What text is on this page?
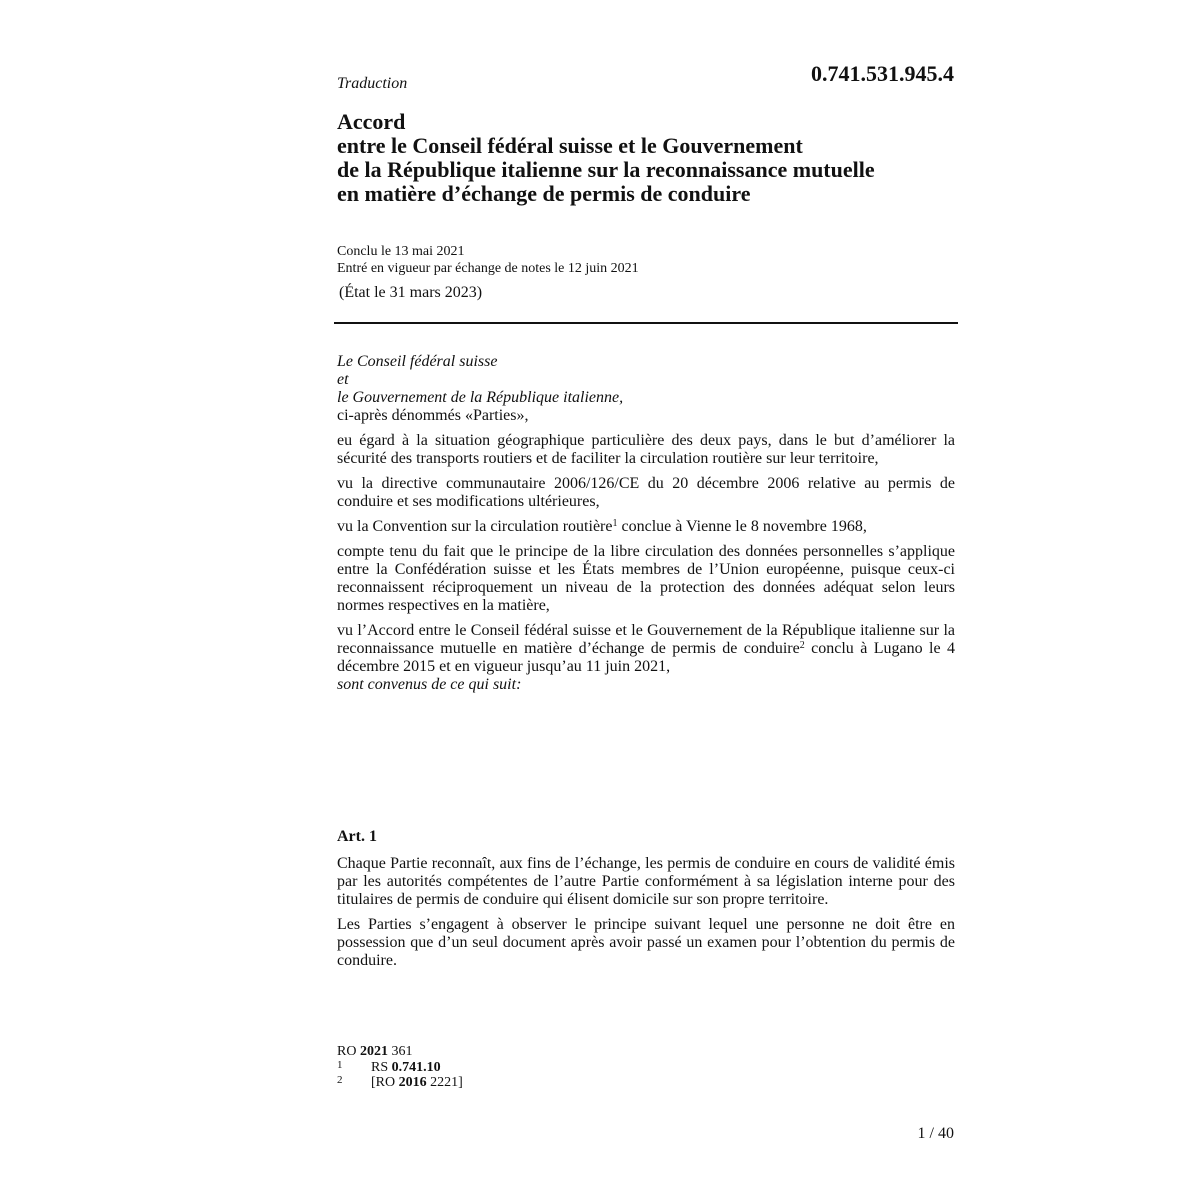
Traduction	0.741.531.945.4
Accord
entre le Conseil fédéral suisse et le Gouvernement
de la République italienne sur la reconnaissance mutuelle
en matière d’échange de permis de conduire
Conclu le 13 mai 2021
Entré en vigueur par échange de notes le 12 juin 2021
(État le 31 mars 2023)

Le Conseil fédéral suisse

et

le Gouvernement de la République italienne,

ci-après dénommés «Parties»,

eu égard à la situation géographique particulière des deux pays, dans le but d’améliorer la sécurité des transports routiers et de faciliter la circulation routière sur leur territoire,

vu la directive communautaire 2006/126/CE du 20 décembre 2006 relative au permis de conduire et ses modifications ultérieures,

vu la Convention sur la circulation routière$^1$ conclue à Vienne le 8 novembre 1968,

compte tenu du fait que le principe de la libre circulation des données personnelles s’applique entre la Confédération suisse et les États membres de l’Union européenne, puisque ceux-ci reconnaissent réciproquement un niveau de la protection des données adéquat selon leurs normes respectives en la matière,

vu l’Accord entre le Conseil fédéral suisse et le Gouvernement de la République italienne sur la reconnaissance mutuelle en matière d’échange de permis de conduire$^2$ conclu à Lugano le 4 décembre 2015 et en vigueur jusqu’au 11 juin 2021,

sont convenus de ce qui suit:

Art. 1

Chaque Partie reconnaît, aux fins de l’échange, les permis de conduire en cours de validité émis par les autorités compétentes de l’autre Partie conformément à sa législation interne pour des titulaires de permis de conduire qui élisent domicile sur son propre territoire.

Les Parties s’engagent à observer le principe suivant lequel une personne ne doit être en possession que d’un seul document après avoir passé un examen pour l’obtention du permis de conduire.

RO 2021 361
1	RS 0.741.10
2	[RO 2016 2221]
1 / 40
